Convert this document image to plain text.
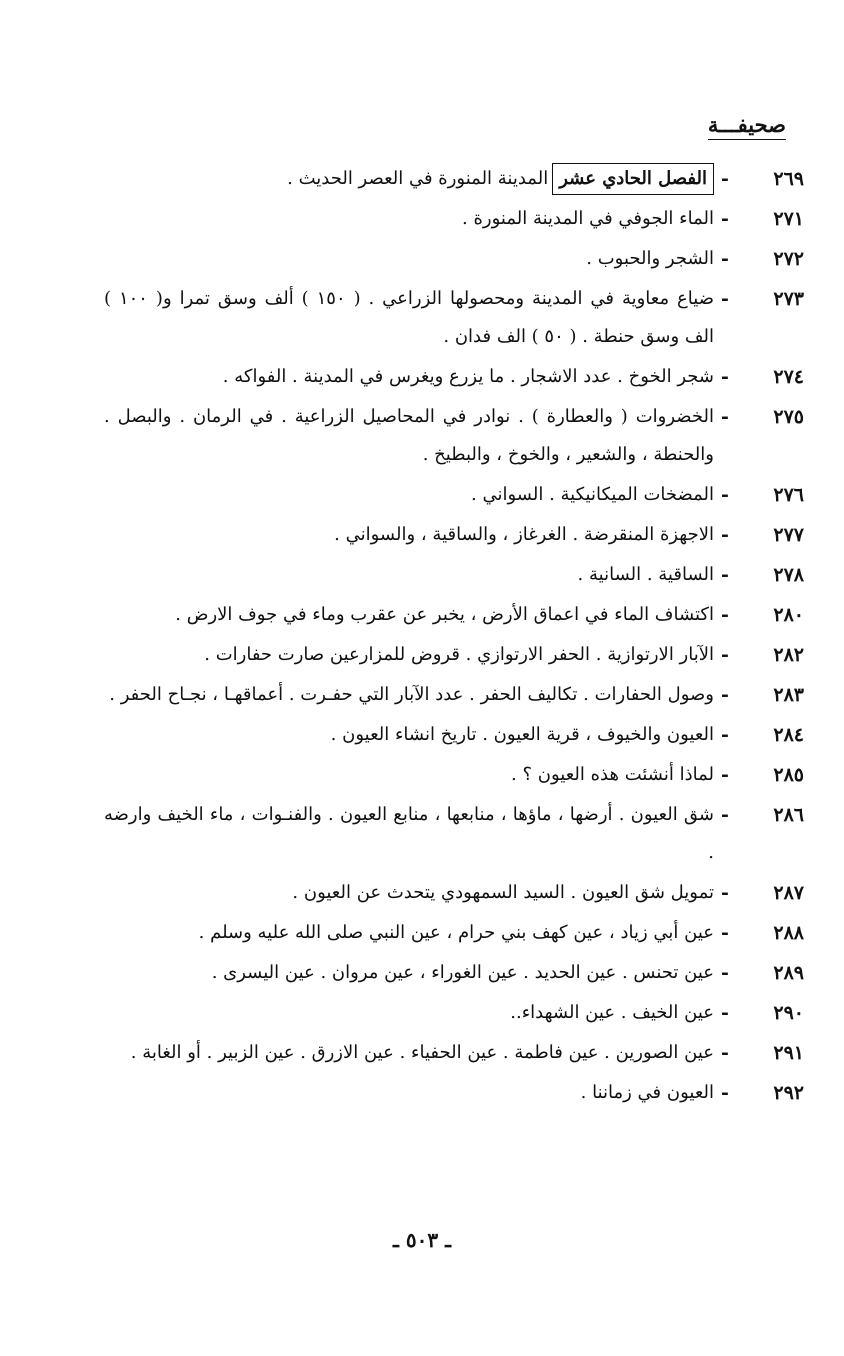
صحيفـــة
٢٦٩
-
الفصل الحادي عشرالمدينة المنورة في العصر الحديث .
٢٧١
-
الماء الجوفي في المدينة المنورة .
٢٧٢
-
الشجر والحبوب .
٢٧٣
-
ضياع معاوية في المدينة ومحصولها الزراعي . ( ١٥٠ ) ألف وسق تمرا و( ١٠٠ ) الف وسق حنطة . ( ٥٠ ) الف فدان .
٢٧٤
-
شجر الخوخ . عدد الاشجار . ما يزرع ويغرس في المدينة . الفواكه .
٢٧٥
-
الخضروات ( والعطارة ) . نوادر في المحاصيل الزراعية . في الرمان . والبصل . والحنطة ، والشعير ، والخوخ ، والبطيخ .
٢٧٦
-
المضخات الميكانيكية . السواني .
٢٧٧
-
الاجهزة المنقرضة . الغرغاز ، والساقية ، والسواني .
٢٧٨
-
الساقية . السانية .
٢٨٠
-
اكتشاف الماء في اعماق الأرض ، يخبر عن عقرب وماء في جوف الارض .
٢٨٢
-
الآبار الارتوازية . الحفر الارتوازي . قروض للمزارعين صارت حفارات .
٢٨٣
-
وصول الحفارات . تكاليف الحفر . عدد الآبار التي حفـرت . أعماقهـا ، نجـاح الحفر .
٢٨٤
-
العيون والخيوف ، قرية العيون . تاريخ انشاء العيون .
٢٨٥
-
لماذا أنشئت هذه العيون ؟ .
٢٨٦
-
شق العيون . أرضها ، ماؤها ، منابعها ، منابع العيون . والفنـوات ، ماء الخيف وارضه .
٢٨٧
-
تمويل شق العيون . السيد السمهودي يتحدث عن العيون .
٢٨٨
-
عين أبي زياد ، عين كهف بني حرام ، عين النبي صلى الله عليه وسلم .
٢٨٩
-
عين تحنس . عين الحديد . عين الغوراء ، عين مروان . عين اليسرى .
٢٩٠
-
عين الخيف . عين الشهداء..
٢٩١
-
عين الصورين . عين فاطمة . عين الحفياء . عين الازرق . عين الزبير . أو الغابة .
٢٩٢
-
العيون في زماننا .
ـ ٥٠٣ ـ
